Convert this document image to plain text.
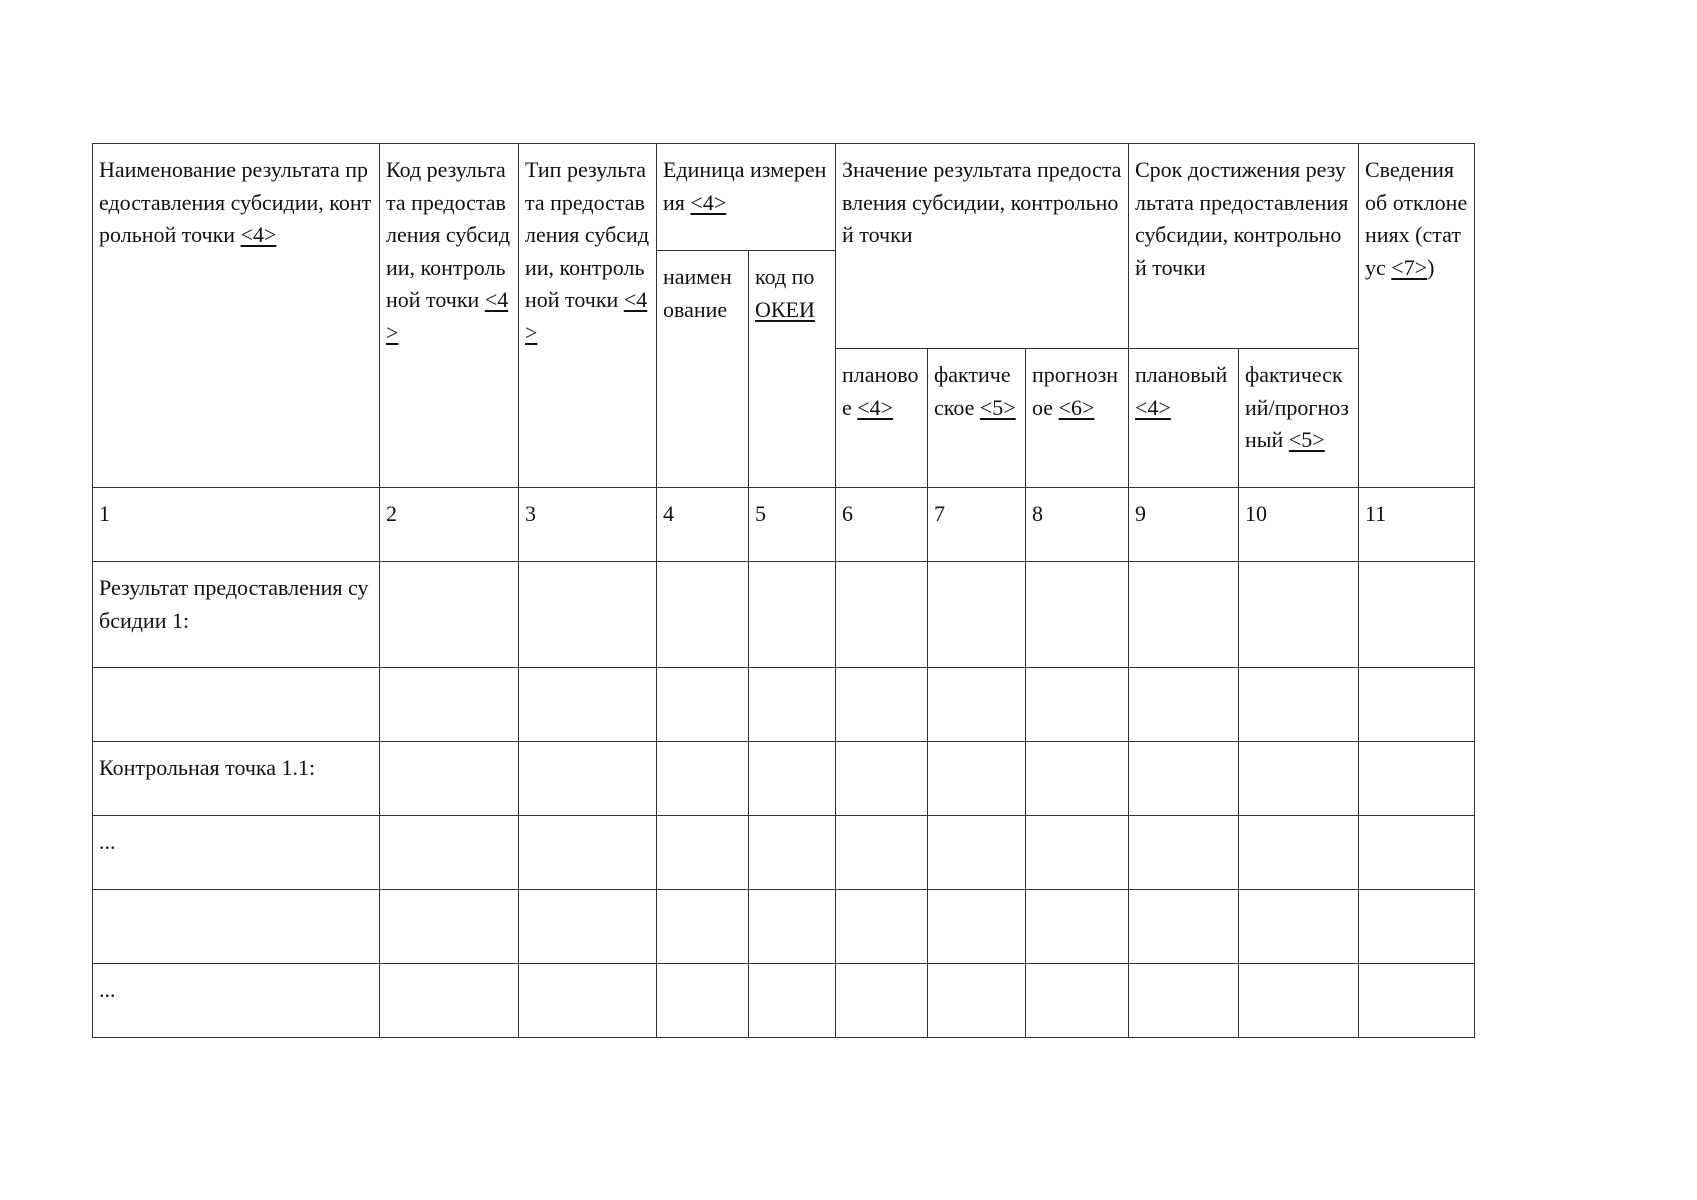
Наименование результата предоставления субсидии, контрольной точки <4>	Код результата предоставления субсидии, контрольной точки <4>	Тип результата предоставления субсидии, контрольной точки <4>	Единица измерения <4>		Значение результата предоставления субсидии, контрольной точки			Срок достижения результата предоставления субсидии, контрольной точки		Сведения об отклонениях (статус <7>)
			наименование	код по ОКЕИ						
					плановое <4>	фактическое <5>	прогнозное <6>	плановый <4>	фактический/прогнозный <5>	
1	2	3	4	5	6	7	8	9	10	11
Результат предоставления субсидии 1:										

Контрольная точка 1.1:										
...										

...										
